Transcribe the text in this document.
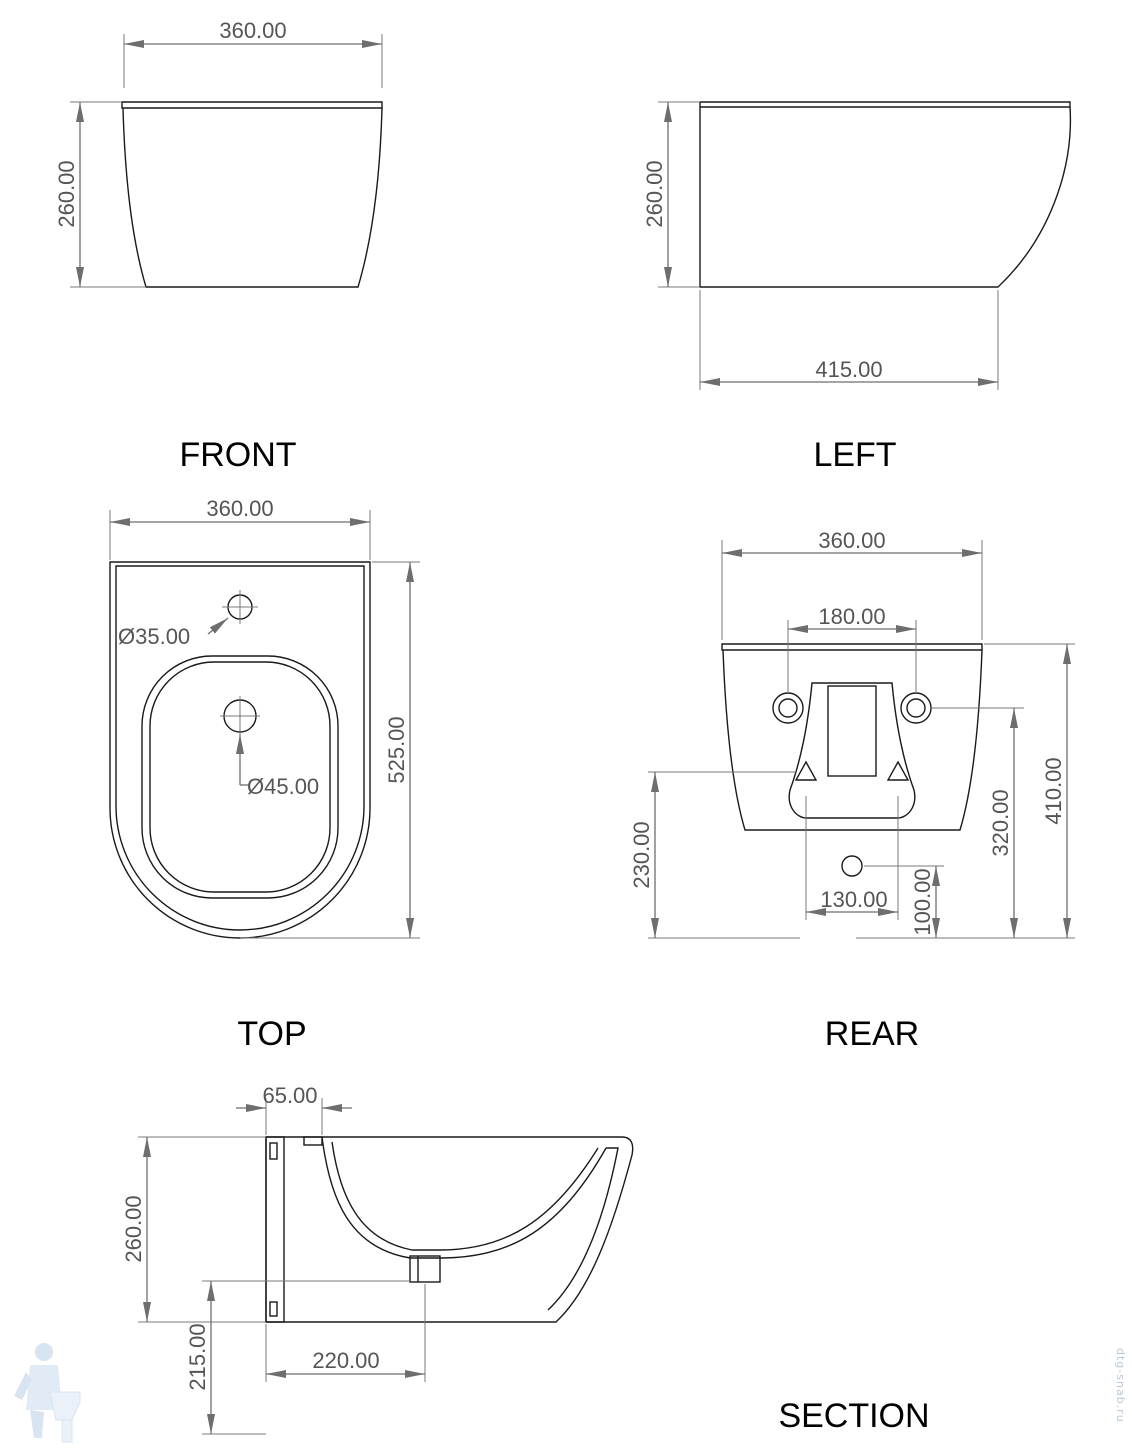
360.00
260.00
FRONT
260.00
415.00
LEFT
Ø35.00
Ø45.00
360.00
525.00
TOP
360.00
180.00
410.00
320.00
230.00
130.00 100.00
REAR
65.00
260.00
220.00
215.00
SECTION	dtg-snab.ru
